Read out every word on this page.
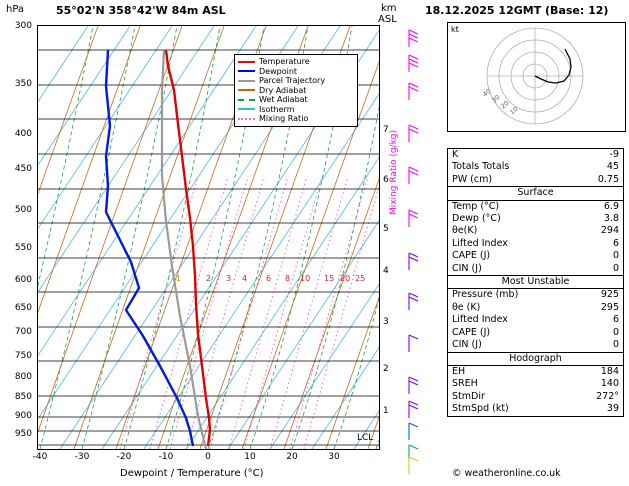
hPa	55°02'N 358°42'W 84m ASL	km
ASL
Temperature
Dewpoint
Parcel Trajectory
Dry Adiabat
Wet Adiabat
Isotherm
Mixing Ratio
1	2 3 4 6 8 10 15 20 25
300
350
400
450
500
550
600
650
700
750
800
850
900
950
1
2
3
4
5
6
7 Mixing Ratio (g/kg)
LCL
-40	-30	-20	-10	0	10	20	30
Dewpoint / Temperature (°C)
18.12.2025 12GMT (Base: 12)
kt
10
20
30
40
K	-9
Totals Totals	45
PW (cm)	0.75
Surface
Temp (°C)	6.9
Dewp (°C)	3.8
θe(K)	294
Lifted Index	6
CAPE (J)	0
CIN (J)	0
Most Unstable
Pressure (mb)	925
θe (K)	295
Lifted Index	6
CAPE (J)	0
CIN (J)	0
Hodograph
EH	184
SREH	140
StmDir	272°
StmSpd (kt)	39
© weatheronline.co.uk
